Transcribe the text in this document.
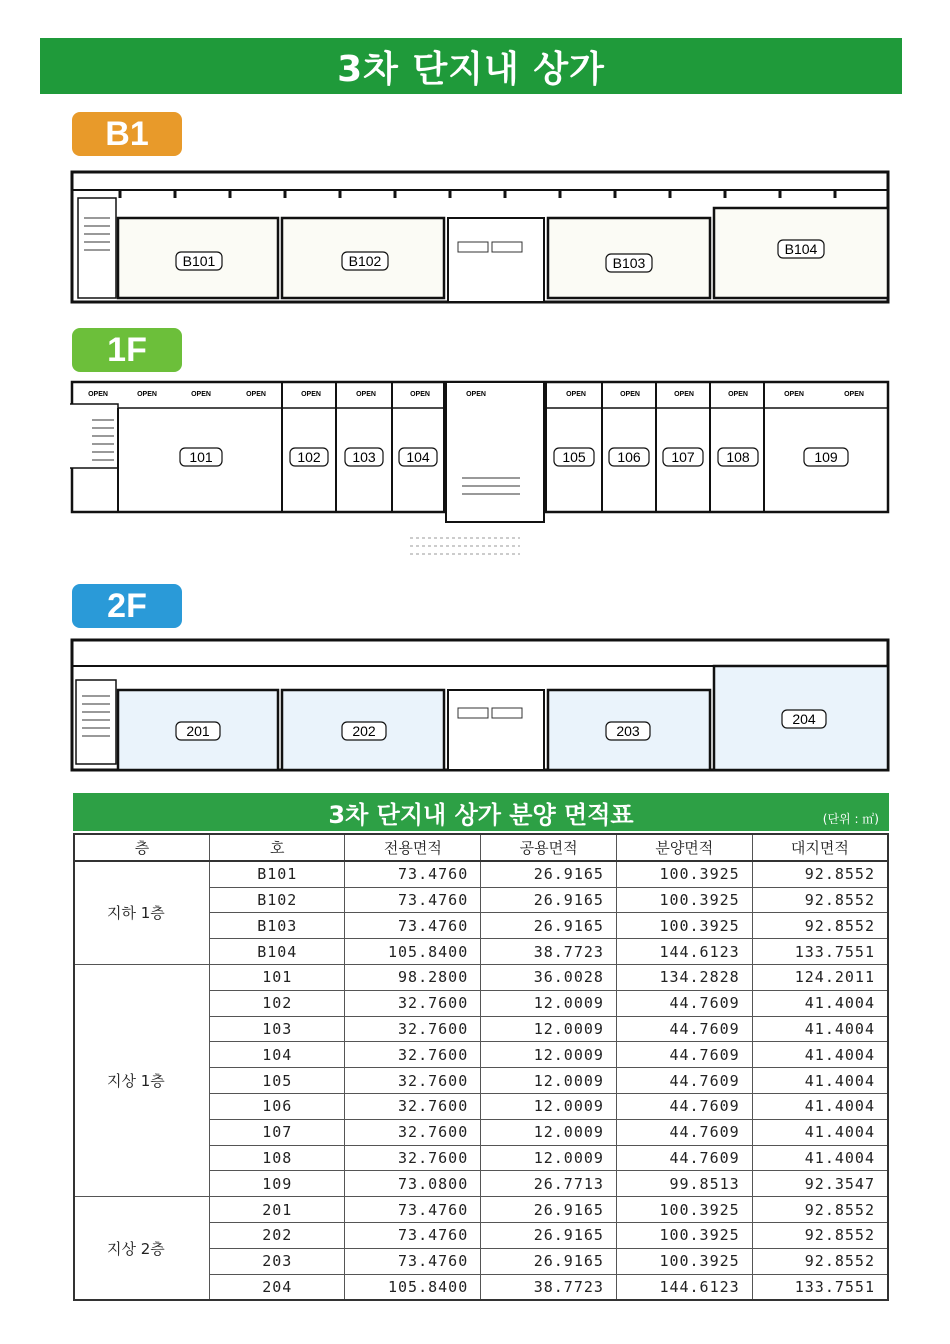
3차 단지내 상가
B1
B101	B102	B103
B104
1F
OPEN	OPEN	OPEN	OPEN	OPEN	OPEN	OPEN	OPEN	OPEN	OPEN	OPEN	OPEN	OPEN	OPEN
101	102 103 104	105 106 107 108	109
2F
201	202	203
204
3차 단지내 상가 분양 면적표	(단위 : ㎡)
층	호	전용면적	공용면적	분양면적	대지면적
지하 1층	B101	73.4760	26.9165	100.3925	92.8552
	B102	73.4760	26.9165	100.3925	92.8552
	B103	73.4760	26.9165	100.3925	92.8552
	B104	105.8400	38.7723	144.6123	133.7551
지상 1층	101	98.2800	36.0028	134.2828	124.2011
	102	32.7600	12.0009	44.7609	41.4004
	103	32.7600	12.0009	44.7609	41.4004
	104	32.7600	12.0009	44.7609	41.4004
	105	32.7600	12.0009	44.7609	41.4004
	106	32.7600	12.0009	44.7609	41.4004
	107	32.7600	12.0009	44.7609	41.4004
	108	32.7600	12.0009	44.7609	41.4004
	109	73.0800	26.7713	99.8513	92.3547
지상 2층	201	73.4760	26.9165	100.3925	92.8552
	202	73.4760	26.9165	100.3925	92.8552
	203	73.4760	26.9165	100.3925	92.8552
	204	105.8400	38.7723	144.6123	133.7551
